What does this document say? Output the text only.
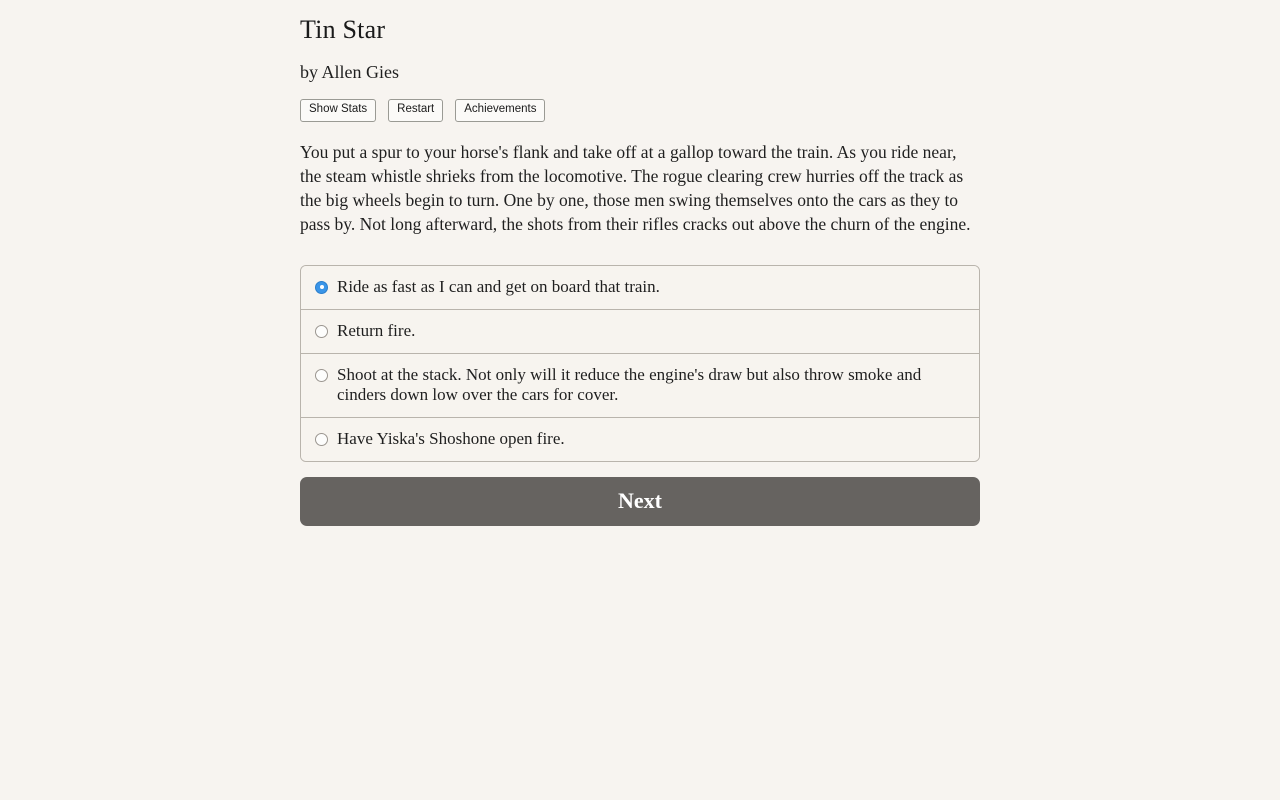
Tin Star
by Allen Gies
Show Stats	Restart	Achievements
You put a spur to your horse's flank and take off at a gallop toward the train. As you ride near, the steam whistle shrieks from the locomotive. The rogue clearing crew hurries off the track as the big wheels begin to turn. One by one, those men swing themselves onto the cars as they to pass by. Not long afterward, the shots from their rifles cracks out above the churn of the engine.
Ride as fast as I can and get on board that train.
Return fire.
Shoot at the stack. Not only will it reduce the engine's draw but also throw smoke and cinders down low over the cars for cover.
Have Yiska's Shoshone open fire.
Next
